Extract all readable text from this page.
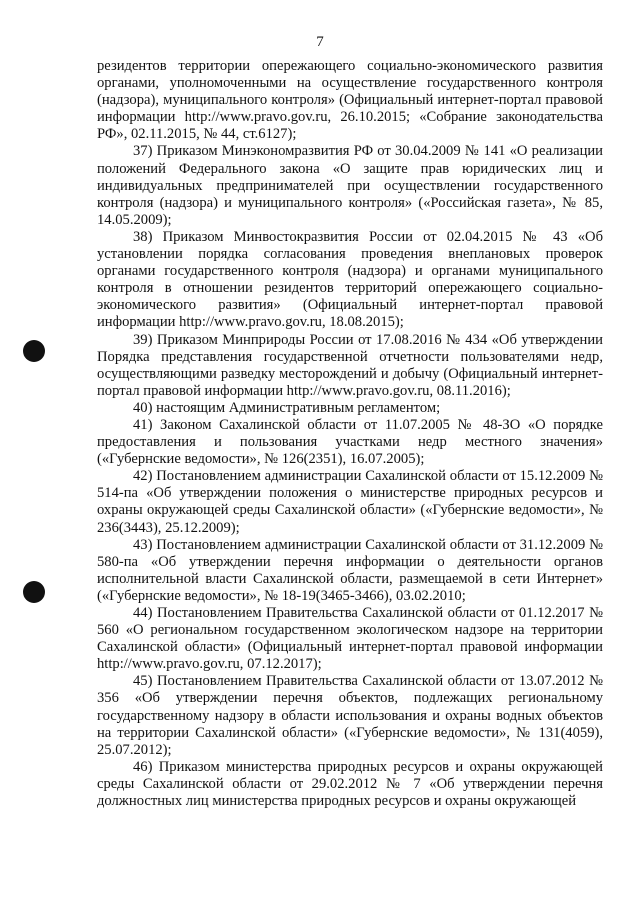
7

резидентов территории опережающего социально-экономического развития органами, уполномоченными на осуществление государственного контроля (надзора), муниципального контроля» (Официальный интернет-портал правовой информации http://www.pravo.gov.ru, 26.10.2015; «Собрание законодательства РФ», 02.11.2015, № 44, ст.6127);

37) Приказом Минэкономразвития РФ от 30.04.2009 № 141 «О реализации положений Федерального закона «О защите прав юридических лиц и индивидуальных предпринимателей при осуществлении государственного контроля (надзора) и муниципального контроля» («Российская газета», № 85, 14.05.2009);

38) Приказом Минвостокразвития России от 02.04.2015 № 43 «Об установлении порядка согласования проведения внеплановых проверок органами государственного контроля (надзора) и органами муниципального контроля в отношении резидентов территорий опережающего социально-экономического развития» (Официальный интернет-портал правовой информации http://www.pravo.gov.ru, 18.08.2015);

39) Приказом Минприроды России от 17.08.2016 № 434 «Об утверждении Порядка представления государственной отчетности пользователями недр, осуществляющими разведку месторождений и добычу (Официальный интернет-портал правовой информации http://www.pravo.gov.ru, 08.11.2016);

40) настоящим Административным регламентом;

41) Законом Сахалинской области от 11.07.2005 № 48-ЗО «О порядке предоставления и пользования участками недр местного значения» («Губернские ведомости», № 126(2351), 16.07.2005);

42) Постановлением администрации Сахалинской области от 15.12.2009 № 514-па «Об утверждении положения о министерстве природных ресурсов и охраны окружающей среды Сахалинской области» («Губернские ведомости», № 236(3443), 25.12.2009);

43) Постановлением администрации Сахалинской области от 31.12.2009 № 580-па «Об утверждении перечня информации о деятельности органов исполнительной власти Сахалинской области, размещаемой в сети Интернет» («Губернские ведомости», № 18-19(3465-3466), 03.02.2010;

44) Постановлением Правительства Сахалинской области от 01.12.2017 № 560 «О региональном государственном экологическом надзоре на территории Сахалинской области» (Официальный интернет-портал правовой информации http://www.pravo.gov.ru, 07.12.2017);

45) Постановлением Правительства Сахалинской области от 13.07.2012 № 356 «Об утверждении перечня объектов, подлежащих региональному государственному надзору в области использования и охраны водных объектов на территории Сахалинской области» («Губернские ведомости», № 131(4059), 25.07.2012);

46) Приказом министерства природных ресурсов и охраны окружающей среды Сахалинской области от 29.02.2012 № 7 «Об утверждении перечня должностных лиц министерства природных ресурсов и охраны окружающей
